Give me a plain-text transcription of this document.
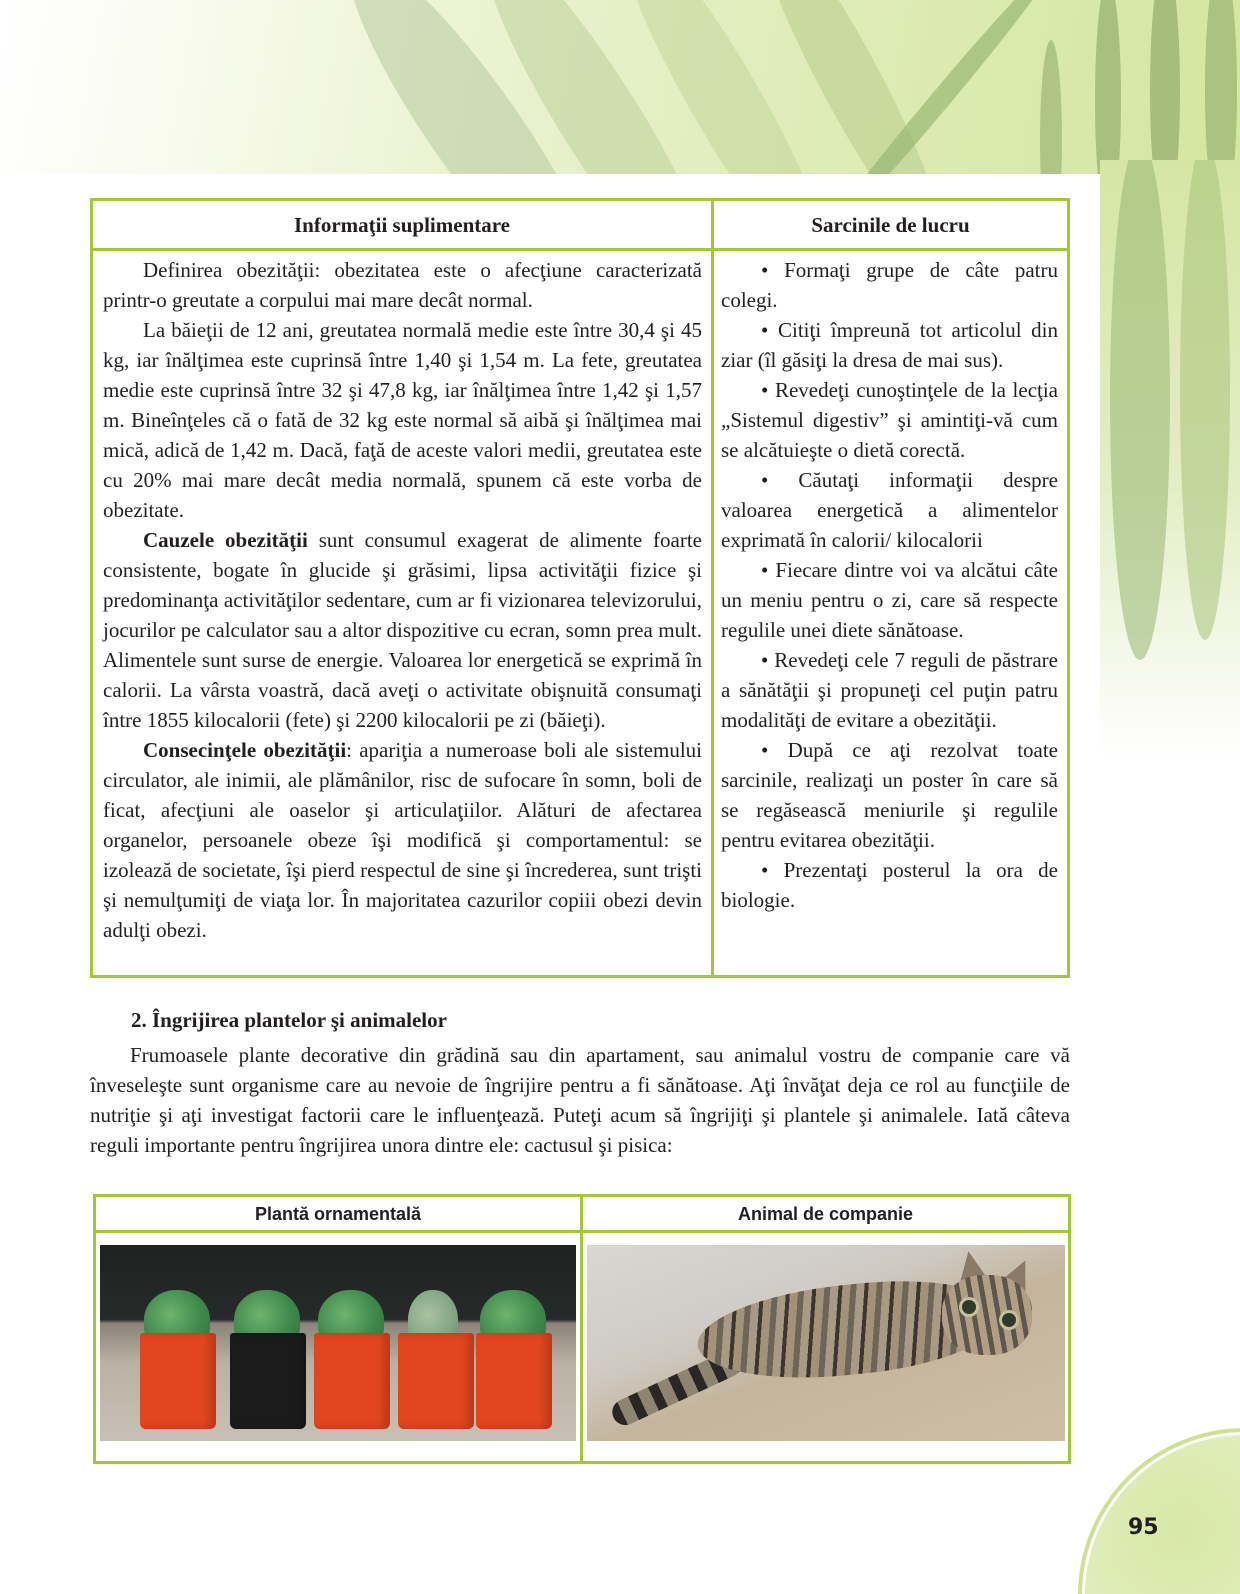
Informaţii suplimentare	Sarcinile de lucru

Definirea obezităţii: obezitatea este o afecţiune caracterizată printr-o greutate a corpului mai mare decât normal.

La băieţii de 12 ani, greutatea normală medie este între 30,4 şi 45 kg, iar înălţimea este cuprinsă între 1,40 şi 1,54 m. La fete, greutatea medie este cuprinsă între 32 şi 47,8 kg, iar înălţimea între 1,42 şi 1,57 m. Bineînţeles că o fată de 32 kg este normal să aibă şi înălţimea mai mică, adică de 1,42 m. Dacă, faţă de aceste valori medii, greutatea este cu 20% mai mare decât media normală, spunem că este vorba de obezitate.

Cauzele obezităţii sunt consumul exagerat de alimente foarte consistente, bogate în glucide şi grăsimi, lipsa activităţii fizice şi predominanţa activităţilor sedentare, cum ar fi vizionarea televizorului, jocurilor pe calculator sau a altor dispozitive cu ecran, somn prea mult. Alimentele sunt surse de energie. Valoarea lor energetică se exprimă în calorii. La vârsta voastră, dacă aveţi o activitate obişnuită consumaţi între 1855 kilocalorii (fete) şi 2200 kilocalorii pe zi (băieţi).

Consecinţele obezităţii: apariţia a numeroase boli ale sistemului circulator, ale inimii, ale plămânilor, risc de sufocare în somn, boli de ficat, afecţiuni ale oaselor şi articulaţiilor. Alături de afectarea organelor, persoanele obeze îşi modifică şi comportamentul: se izolează de societate, îşi pierd respectul de sine şi încrederea, sunt trişti şi nemulţumiţi de viaţa lor. În majoritatea cazurilor copiii obezi devin adulţi obezi.

• Formaţi grupe de câte patru colegi.

• Citiţi împreună tot articolul din ziar (îl găsiţi la dresa de mai sus).

• Revedeţi cunoştinţele de la lecţia „Sistemul digestiv” şi amintiţi-vă cum se alcătuieşte o dietă corectă.

• Căutaţi informaţii despre valoarea energetică a alimentelor exprimată în calorii/ kilocalorii

• Fiecare dintre voi va alcătui câte un meniu pentru o zi, care să respecte regulile unei diete sănătoase.

• Revedeţi cele 7 reguli de păstrare a sănătăţii şi propuneţi cel puţin patru modalităţi de evitare a obezităţii.

• După ce aţi rezolvat toate sarcinile, realizaţi un poster în care să se regăsească meniurile şi regulile pentru evitarea obezităţii.

• Prezentaţi posterul la ora de biologie.

2. Îngrijirea plantelor şi animalelor
Frumoasele plante decorative din grădină sau din apartament, sau animalul vostru de companie care vă înveseleşte sunt organisme care au nevoie de îngrijire pentru a fi sănătoase. Aţi învăţat deja ce rol au funcţiile de nutriţie şi aţi investigat factorii care le influenţează. Puteţi acum să îngrijiţi şi plantele şi animalele. Iată câteva reguli importante pentru îngrijirea unora dintre ele: cactusul şi pisica:
Plantă ornamentală	Animal de companie
95
